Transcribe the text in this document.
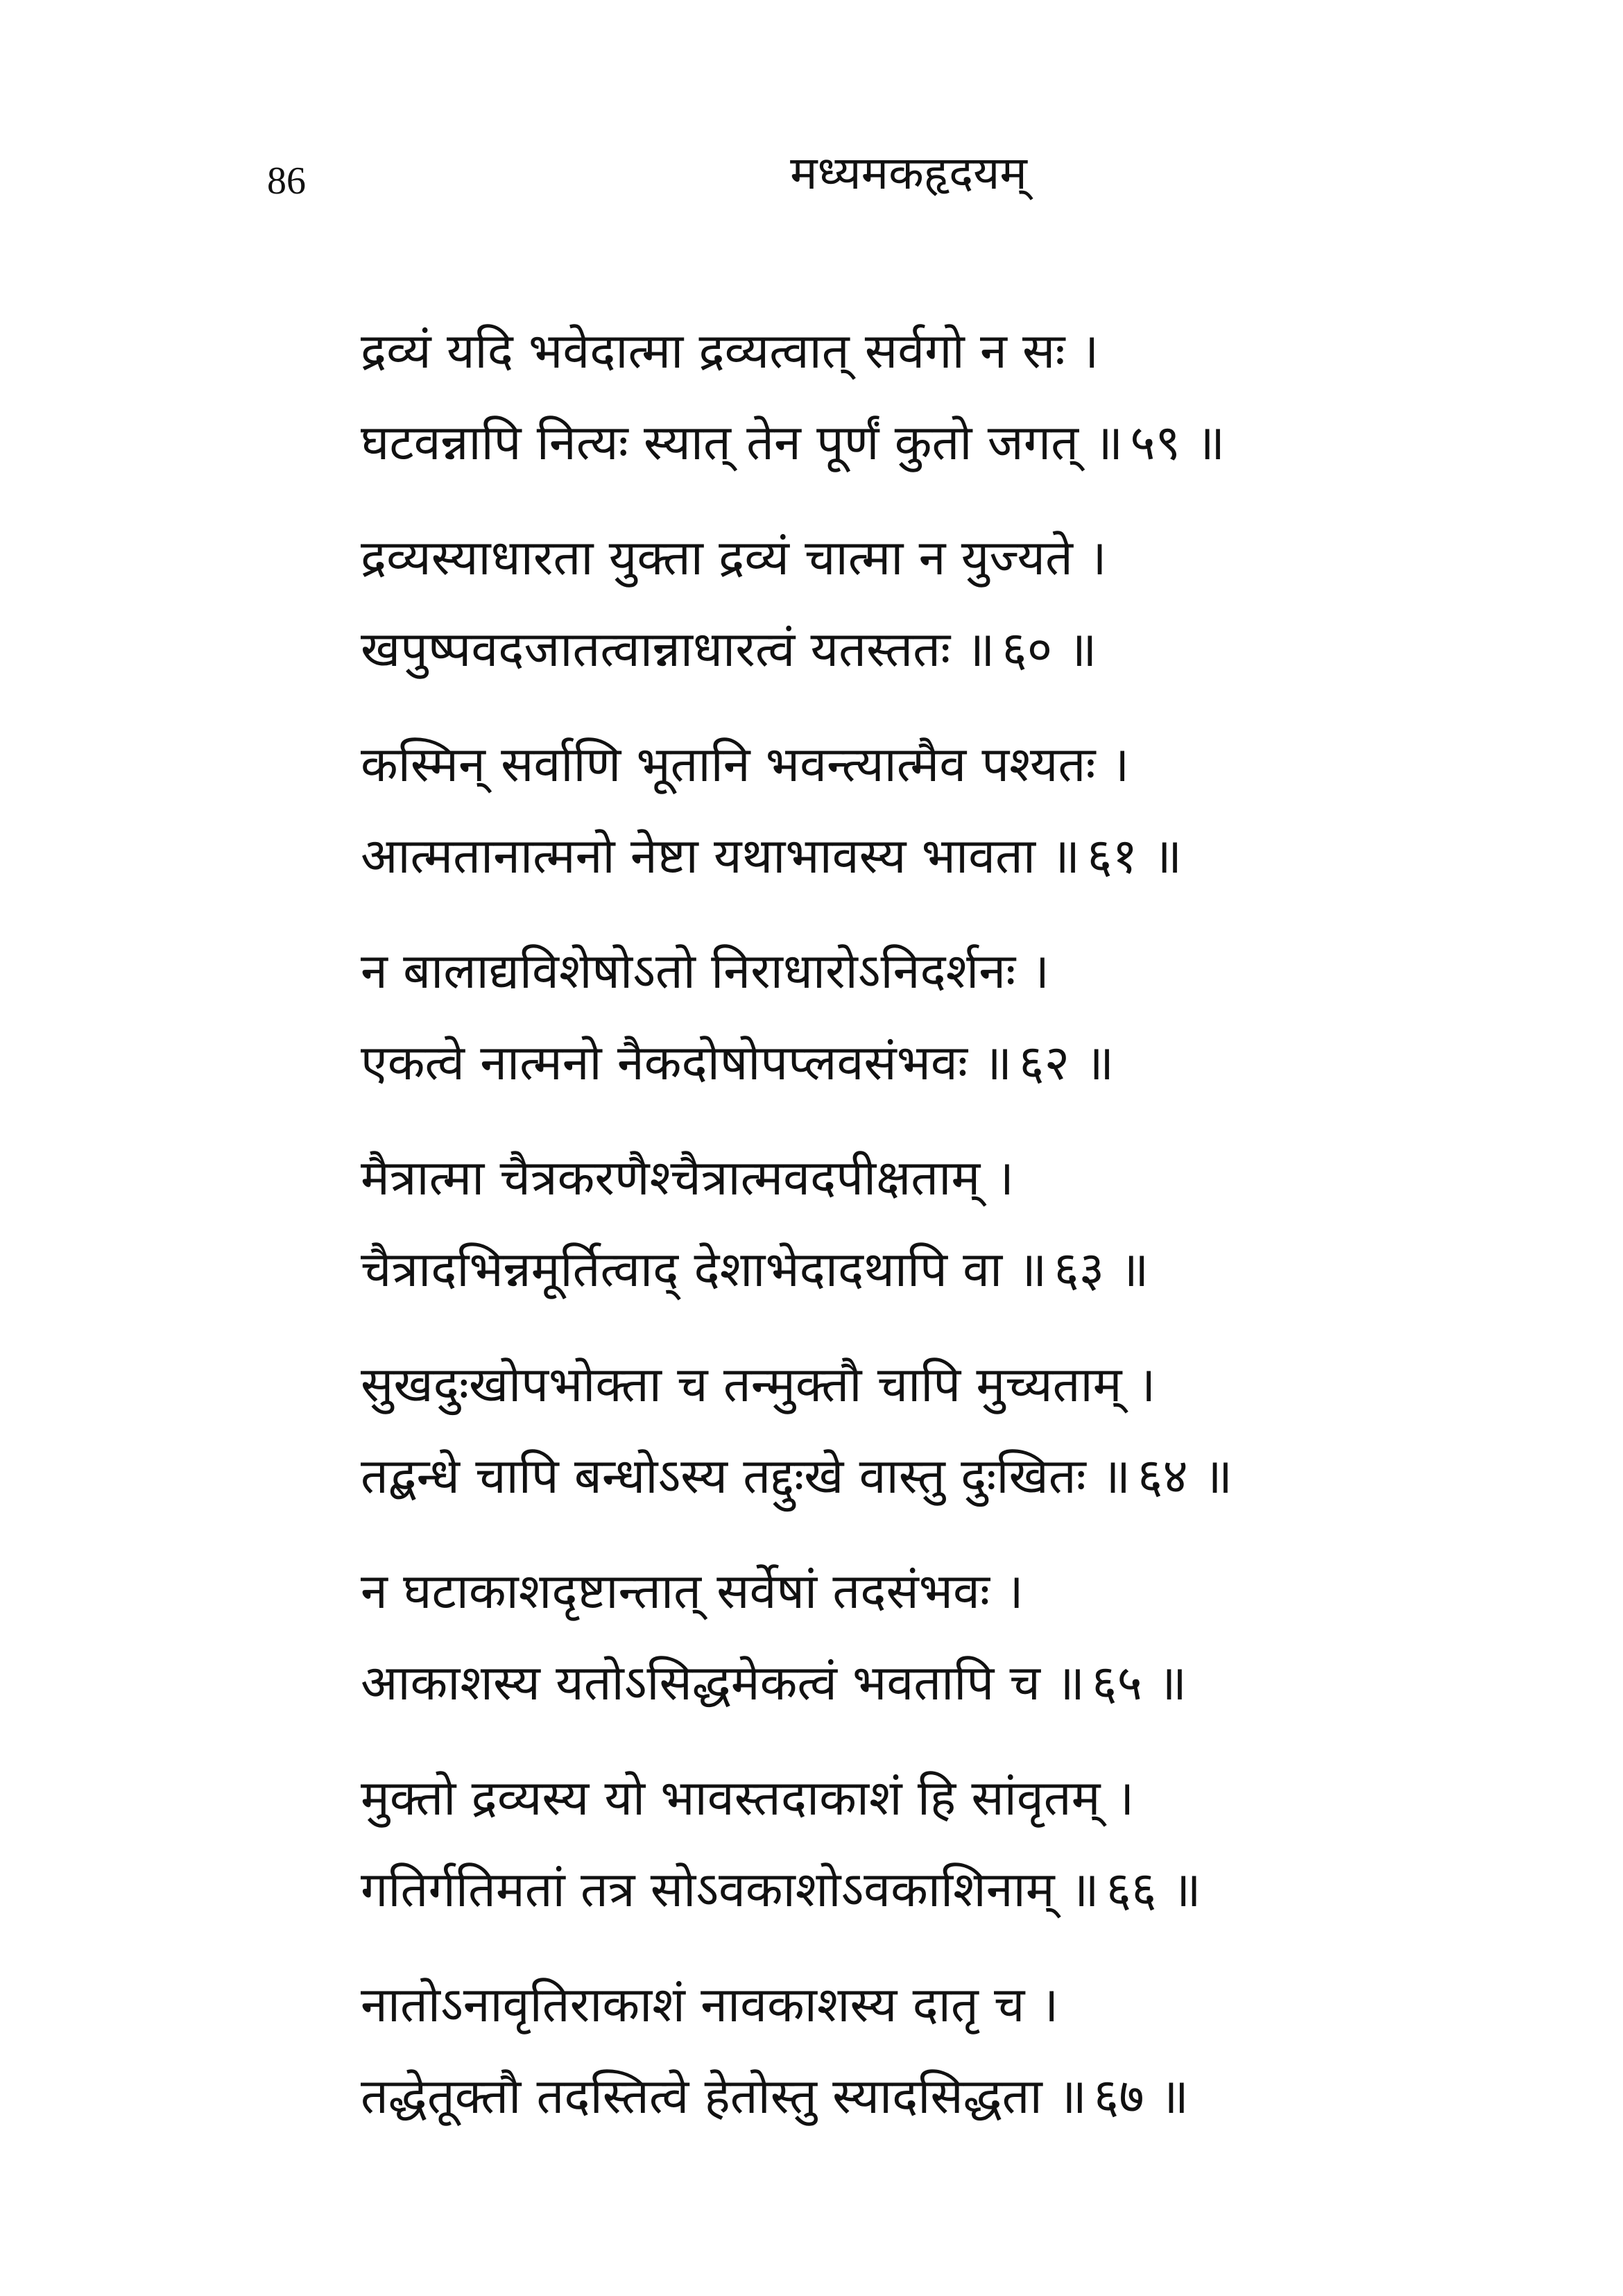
86	मध्यमकहृदयम्
द्रव्यं यदि भवेदात्मा द्रव्यत्वात् सर्वगो न सः ।
घटवन्नापि नित्यः स्यात् तेन पूर्णं कुतो जगत् ॥ ५९ ॥
द्रव्यस्याधारता युक्ता द्रव्यं चात्मा न युज्यते ।
खपुष्पवदजातत्वान्नाधारत्वं यतस्ततः ॥ ६० ॥
कस्मिन् सर्वाणि भूतानि भवन्त्यात्मैव पश्यतः ।
आत्मतानात्मनो नेष्टा यथाभावस्य भावता ॥ ६१ ॥
न बालाद्यविशेषोऽतो निराधारोऽनिदर्शनः ।
एकत्वे नात्मनो नैकदोषोपप्लवसंभवः ॥ ६२ ॥
मैत्रात्मा चैत्रकरणैश्चैत्रात्मवदपीक्षताम् ।
चैत्रादभिन्नमूर्तित्वाद् देशाभेदादथापि वा ॥ ६३ ॥
सुखदुःखोपभोक्ता च तन्मुक्तौ चापि मुच्यताम् ।
तद्बन्धे चापि बन्धोऽस्य तद्दुःखे वास्तु दुःखितः ॥ ६४ ॥
न घटाकाशदृष्टान्तात् सर्वेषां तदसंभवः ।
आकाशस्य यतोऽसिद्धमेकत्वं भवतापि च ॥ ६५ ॥
मुक्तो द्रव्यस्य यो भावस्तदाकाशं हि सांवृतम् ।
गतिर्गतिमतां तत्र सोऽवकाशोऽवकाशिनाम् ॥ ६६ ॥
नातोऽनावृतिराकाशं नावकाशस्य दातृ च ।
तद्धेतूक्तौ तदस्तित्वे हेतोस्तु स्यादसिद्धता ॥ ६७ ॥
